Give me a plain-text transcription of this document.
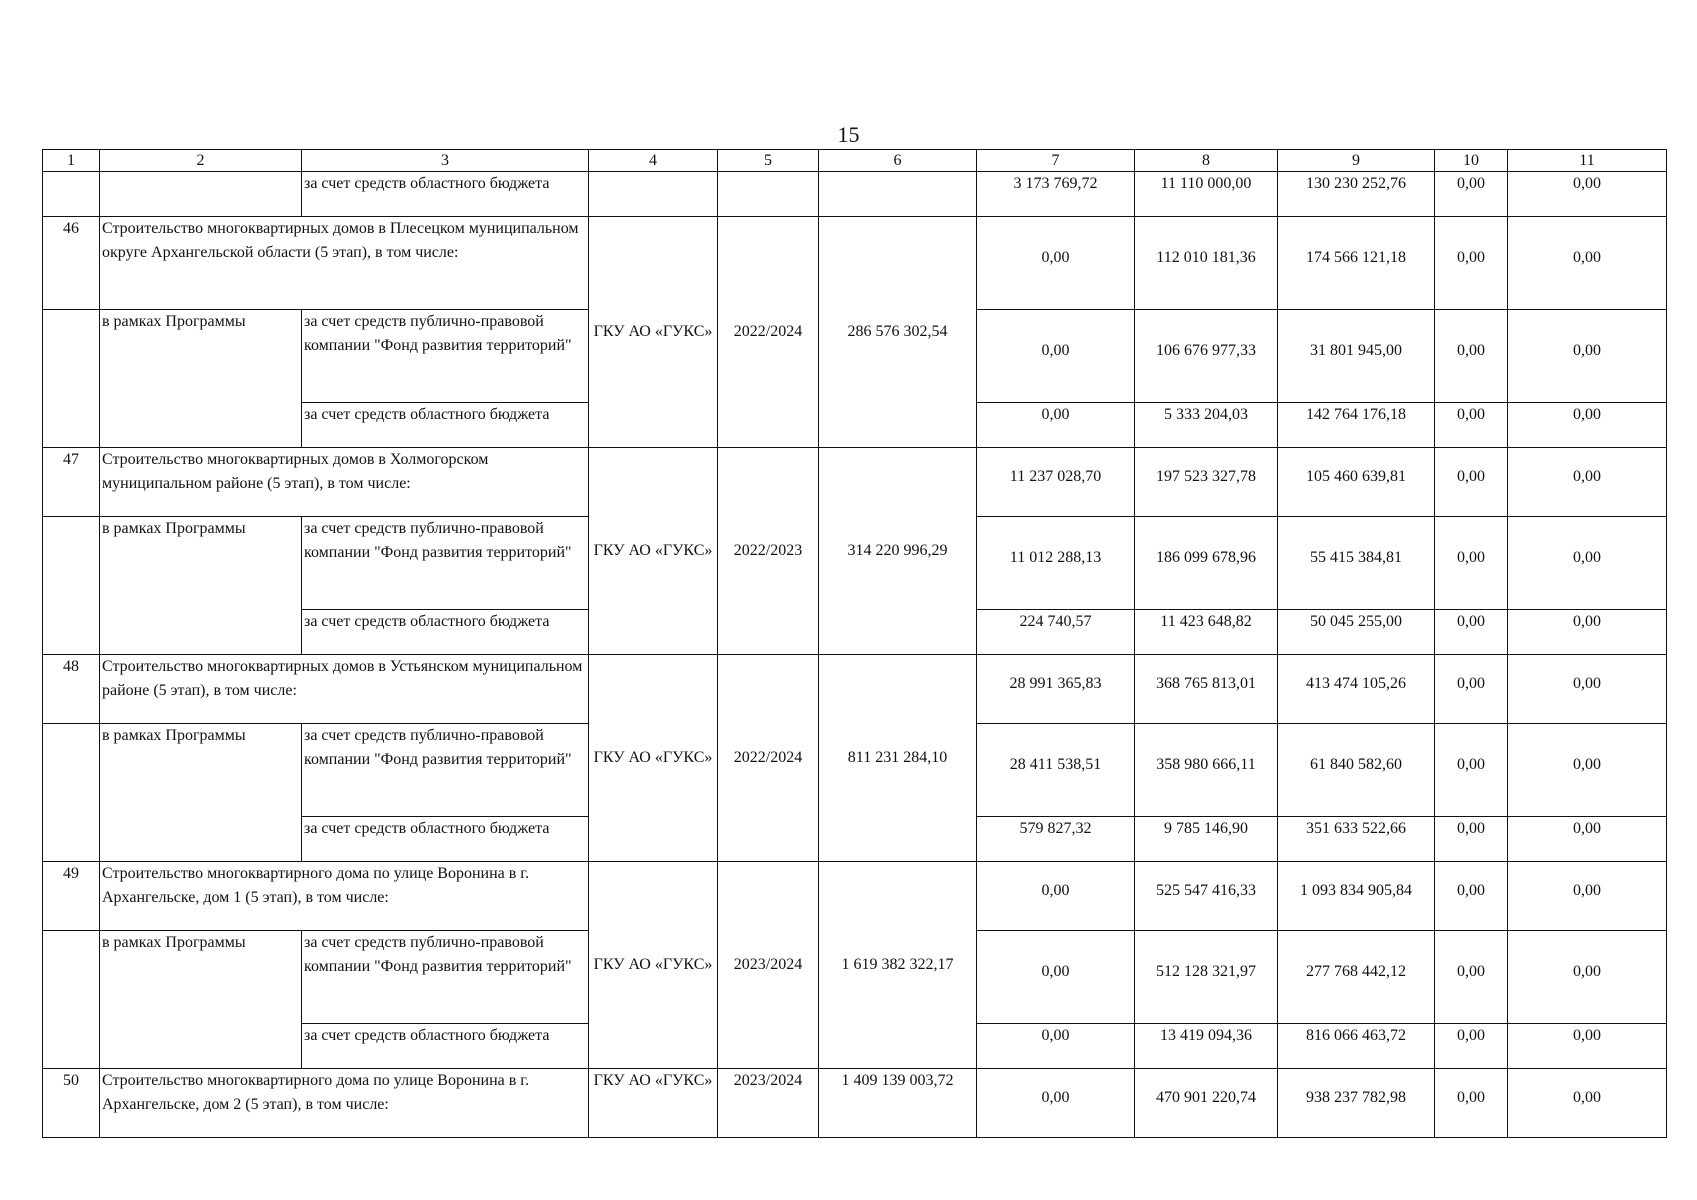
15
1	2	3	4	5	6	7	8	9	10	11
		за счет средств областного бюджета				3 173 769,72	11 110 000,00	130 230 252,76	0,00	0,00
46	Строительство многоквартирных домов в Плесецком муниципальном округе Архангельской области (5 этап), в том числе:		ГКУ АО «ГУКС»	2022/2024	286 576 302,54	0,00	112 010 181,36	174 566 121,18	0,00	0,00
	в рамках Программы	за счет средств публично-правовой компании "Фонд развития территорий"				0,00	106 676 977,33	31 801 945,00	0,00	0,00
		за счет средств областного бюджета				0,00	5 333 204,03	142 764 176,18	0,00	0,00
47	Строительство многоквартирных домов в Холмогорском муниципальном районе (5 этап), в том числе:		ГКУ АО «ГУКС»	2022/2023	314 220 996,29	11 237 028,70	197 523 327,78	105 460 639,81	0,00	0,00
	в рамках Программы	за счет средств публично-правовой компании "Фонд развития территорий"				11 012 288,13	186 099 678,96	55 415 384,81	0,00	0,00
		за счет средств областного бюджета				224 740,57	11 423 648,82	50 045 255,00	0,00	0,00
48	Строительство многоквартирных домов в Устьянском муниципальном районе (5 этап), в том числе:		ГКУ АО «ГУКС»	2022/2024	811 231 284,10	28 991 365,83	368 765 813,01	413 474 105,26	0,00	0,00
	в рамках Программы	за счет средств публично-правовой компании "Фонд развития территорий"				28 411 538,51	358 980 666,11	61 840 582,60	0,00	0,00
		за счет средств областного бюджета				579 827,32	9 785 146,90	351 633 522,66	0,00	0,00
49	Строительство многоквартирного дома по улице Воронина в г. Архангельске, дом 1 (5 этап), в том числе:		ГКУ АО «ГУКС»	2023/2024	1 619 382 322,17	0,00	525 547 416,33	1 093 834 905,84	0,00	0,00
	в рамках Программы	за счет средств публично-правовой компании "Фонд развития территорий"				0,00	512 128 321,97	277 768 442,12	0,00	0,00
		за счет средств областного бюджета				0,00	13 419 094,36	816 066 463,72	0,00	0,00
50	Строительство многоквартирного дома по улице Воронина в г. Архангельске, дом 2 (5 этап), в том числе:		ГКУ АО «ГУКС»	2023/2024	1 409 139 003,72	0,00	470 901 220,74	938 237 782,98	0,00	0,00
